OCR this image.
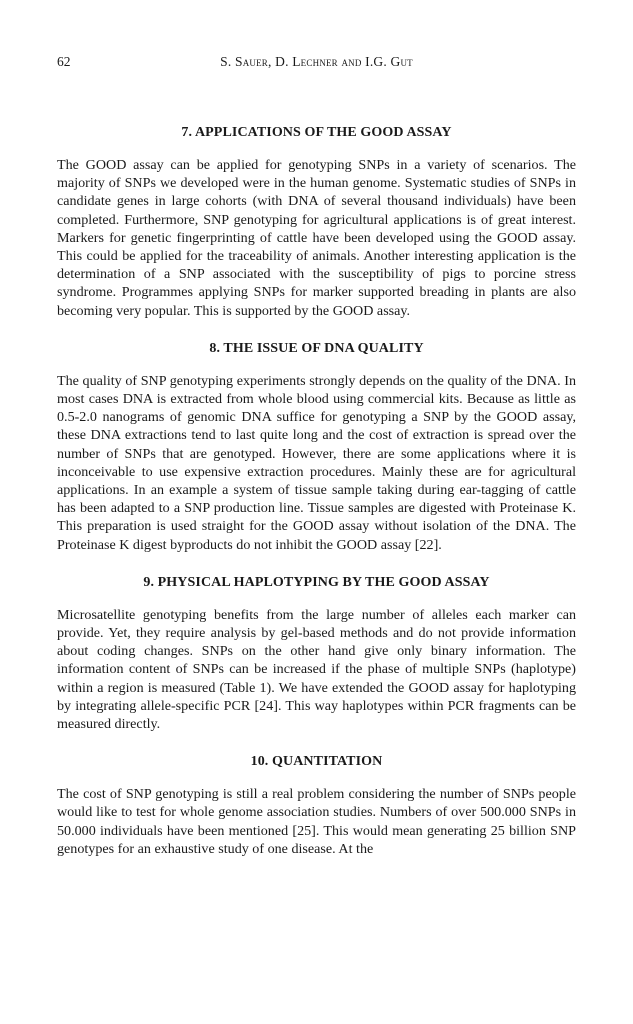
62	S. Sauer, D. Lechner and I.G. Gut
7. APPLICATIONS OF THE GOOD ASSAY

The GOOD assay can be applied for genotyping SNPs in a variety of scenarios. The majority of SNPs we developed were in the human genome. Systematic studies of SNPs in candidate genes in large cohorts (with DNA of several thousand individuals) have been completed. Furthermore, SNP genotyping for agricultural applications is of great interest. Markers for genetic fingerprinting of cattle have been developed using the GOOD assay. This could be applied for the traceability of animals. Another interesting application is the determination of a SNP associated with the susceptibility of pigs to porcine stress syndrome. Programmes applying SNPs for marker supported breading in plants are also becoming very popular. This is supported by the GOOD assay.

8. THE ISSUE OF DNA QUALITY

The quality of SNP genotyping experiments strongly depends on the quality of the DNA. In most cases DNA is extracted from whole blood using commercial kits. Because as little as 0.5-2.0 nanograms of genomic DNA suffice for genotyping a SNP by the GOOD assay, these DNA extractions tend to last quite long and the cost of extraction is spread over the number of SNPs that are genotyped. However, there are some applications where it is inconceivable to use expensive extraction procedures. Mainly these are for agricultural applications. In an example a system of tissue sample taking during ear-tagging of cattle has been adapted to a SNP production line. Tissue samples are digested with Proteinase K. This preparation is used straight for the GOOD assay without isolation of the DNA. The Proteinase K digest byproducts do not inhibit the GOOD assay [22].

9. PHYSICAL HAPLOTYPING BY THE GOOD ASSAY

Microsatellite genotyping benefits from the large number of alleles each marker can provide. Yet, they require analysis by gel-based methods and do not provide information about coding changes. SNPs on the other hand give only binary information. The information content of SNPs can be increased if the phase of multiple SNPs (haplotype) within a region is measured (Table 1). We have extended the GOOD assay for haplotyping by integrating allele-specific PCR [24]. This way haplotypes within PCR fragments can be measured directly.

10. QUANTITATION

The cost of SNP genotyping is still a real problem considering the number of SNPs people would like to test for whole genome association studies. Numbers of over 500.000 SNPs in 50.000 individuals have been mentioned [25]. This would mean generating 25 billion SNP genotypes for an exhaustive study of one disease. At the
